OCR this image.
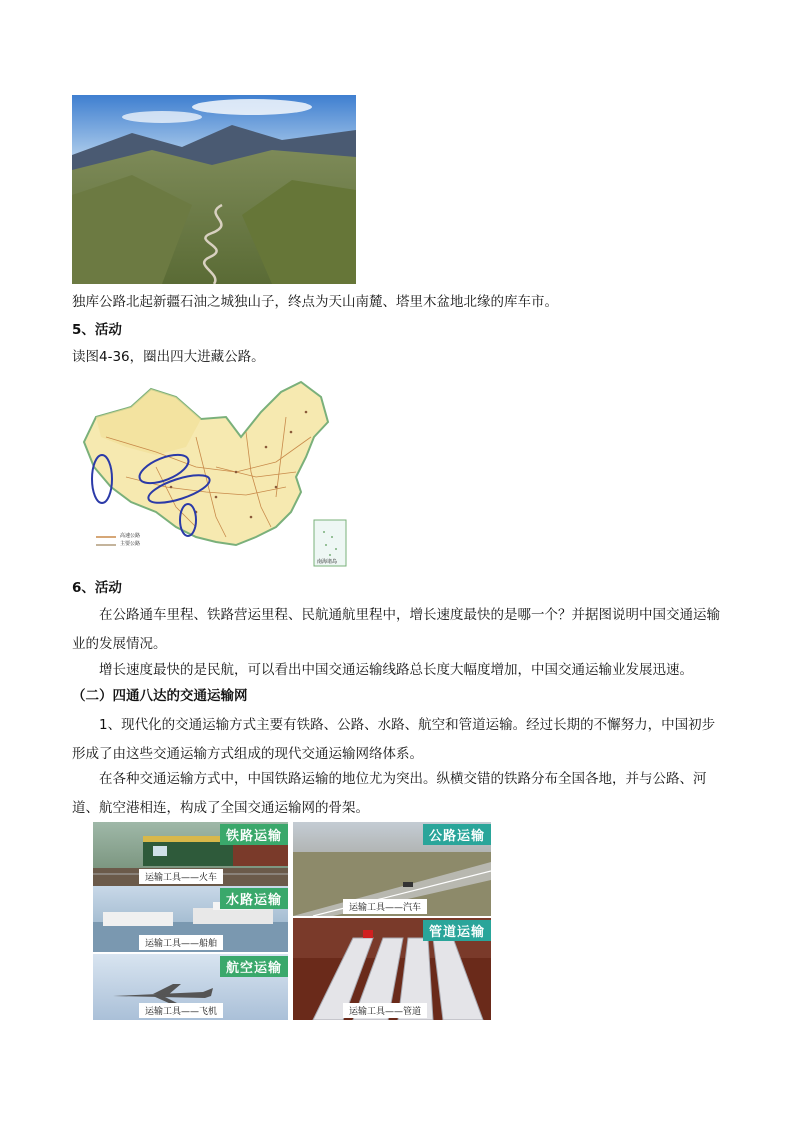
独库公路北起新疆石油之城独山子，终点为天山南麓、塔里木盆地北缘的库车市。
5、活动
读图4-36，圈出四大进藏公路。
高速公路
主要公路
南海诸岛
6、活动
在公路通车里程、铁路营运里程、民航通航里程中，增长速度最快的是哪一个？并据图说明中国交通运输业的发展情况。
增长速度最快的是民航，可以看出中国交通运输线路总长度大幅度增加，中国交通运输业发展迅速。
（二）四通八达的交通运输网
1、现代化的交通运输方式主要有铁路、公路、水路、航空和管道运输。经过长期的不懈努力，中国初步形成了由这些交通运输方式组成的现代交通运输网络体系。
在各种交通运输方式中，中国铁路运输的地位尤为突出。纵横交错的铁路分布全国各地，并与公路、河道、航空港相连，构成了全国交通运输网的骨架。
铁路运输
运输工具——火车
水路运输
运输工具——船舶
航空运输
运输工具——飞机
公路运输
运输工具——汽车
管道运输
运输工具——管道
